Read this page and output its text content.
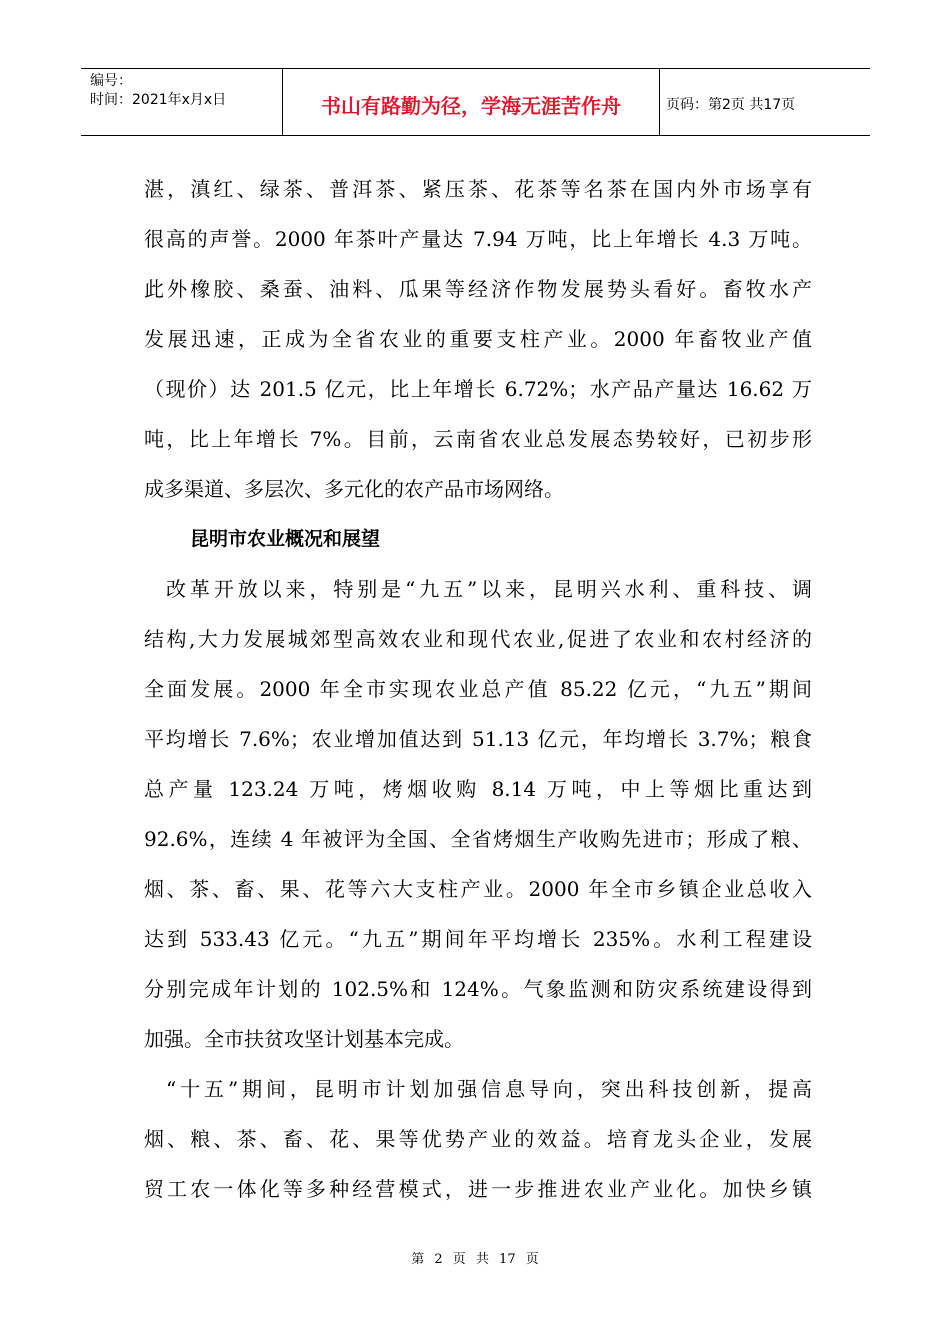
编号：
时间：2021年x月x日	书山有路勤为径，学海无涯苦作舟	页码：第2页 共17页
湛，滇红、绿茶、普洱茶、紧压茶、花茶等名茶在国内外市场享有
很高的声誉。2000 年茶叶产量达 7.94 万吨，比上年增长 4.3 万吨。
此外橡胶、桑蚕、油料、瓜果等经济作物发展势头看好。畜牧水产
发展迅速，正成为全省农业的重要支柱产业。2000 年畜牧业产值
（现价）达 201.5 亿元，比上年增长 6.72%；水产品产量达 16.62 万
吨，比上年增长 7%。目前，云南省农业总发展态势较好，已初步形
成多渠道、多层次、多元化的农产品市场网络。
昆明市农业概况和展望
改革开放以来，特别是“九五”以来，昆明兴水利、重科技、调
结构,大力发展城郊型高效农业和现代农业,促进了农业和农村经济的
全面发展。2000 年全市实现农业总产值 85.22 亿元，“九五”期间
平均增长 7.6%；农业增加值达到 51.13 亿元，年均增长 3.7%；粮食
总产量 123.24 万吨，烤烟收购 8.14 万吨，中上等烟比重达到
92.6%，连续 4 年被评为全国、全省烤烟生产收购先进市；形成了粮、
烟、茶、畜、果、花等六大支柱产业。2000 年全市乡镇企业总收入
达到 533.43 亿元。“九五”期间年平均增长 235%。水利工程建设
分别完成年计划的 102.5%和 124%。气象监测和防灾系统建设得到
加强。全市扶贫攻坚计划基本完成。
“十五”期间，昆明市计划加强信息导向，突出科技创新，提高
烟、粮、茶、畜、花、果等优势产业的效益。培育龙头企业，发展
贸工农一体化等多种经营模式，进一步推进农业产业化。加快乡镇
第 2 页 共 17 页
